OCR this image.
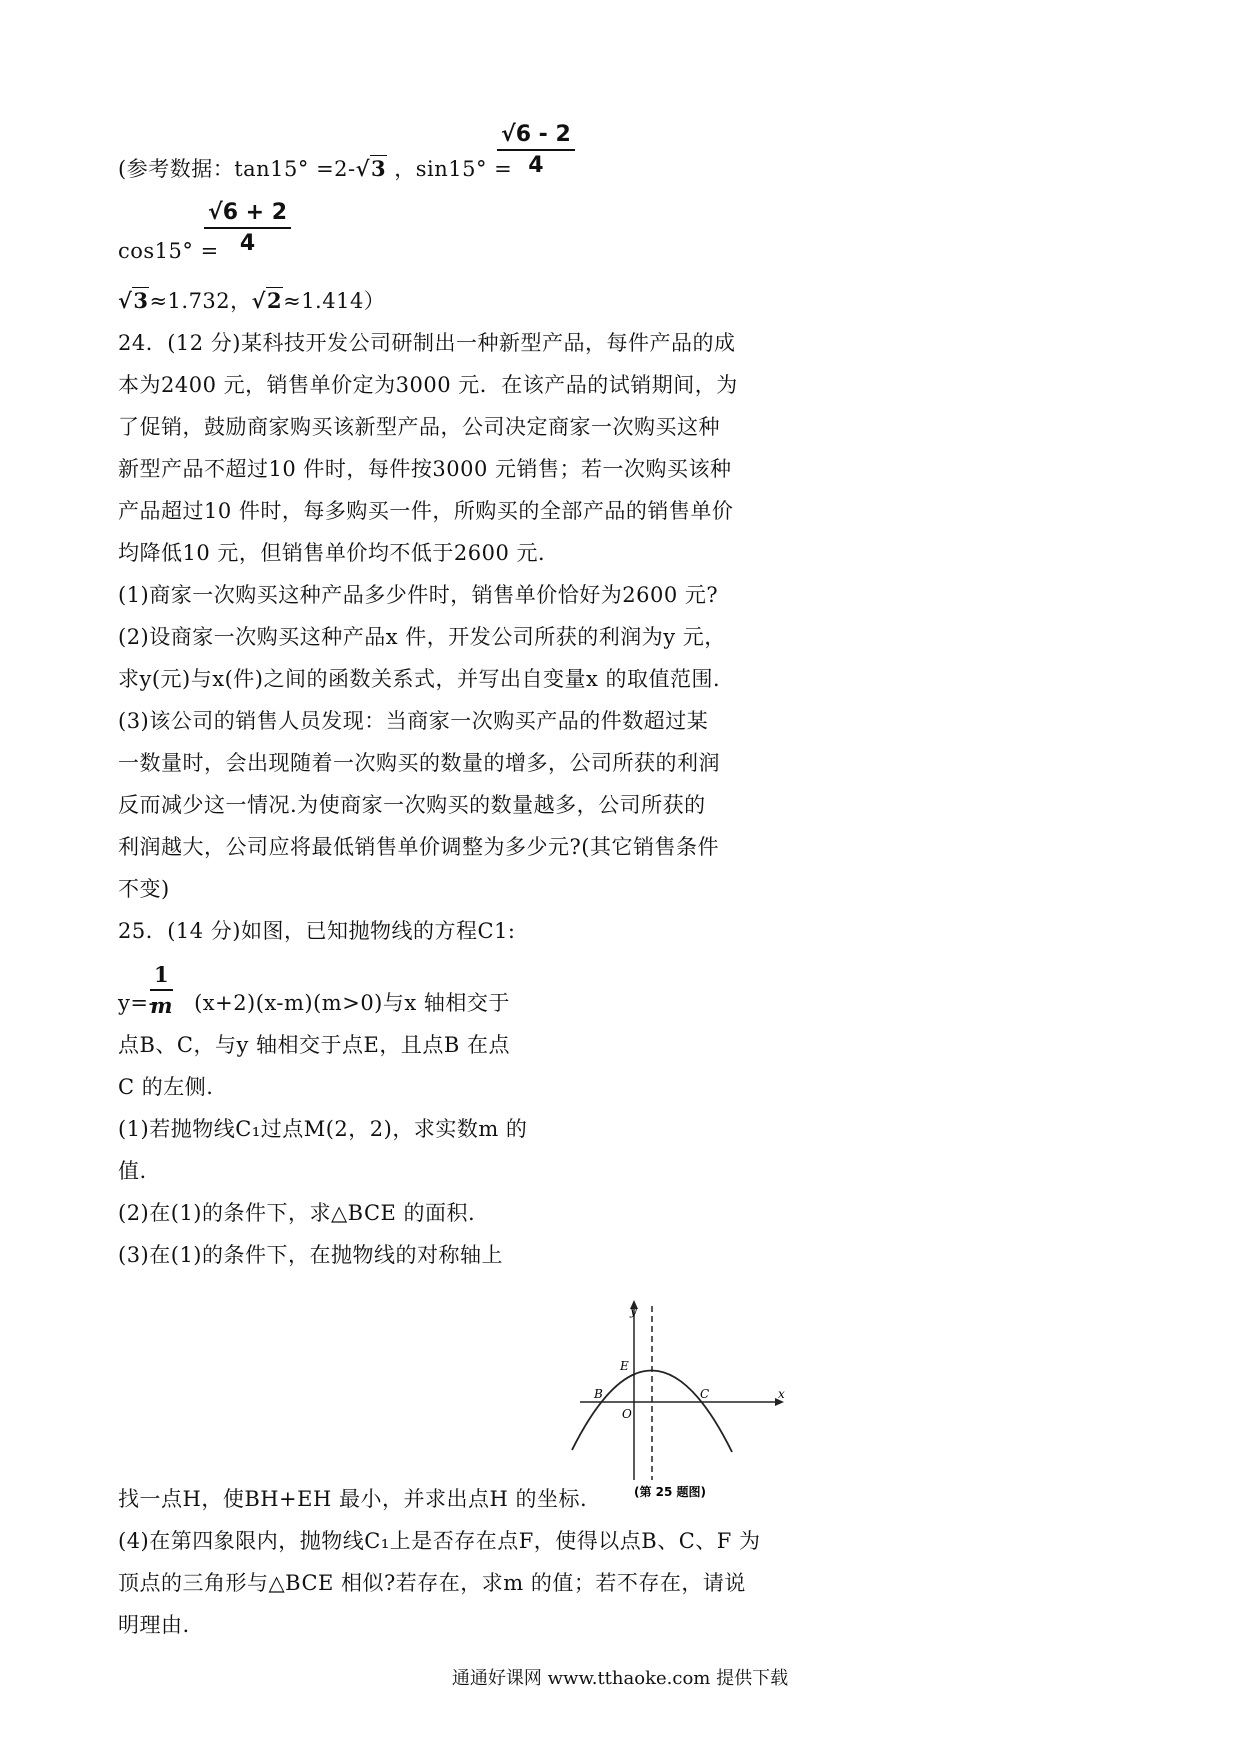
(参考数据：tan15° =2-√3 ，sin15° =
$\frac{√6 - 2}{4}$
cos15° =
$\frac{√6 + 2}{4}$
√3≈1.732，√2≈1.414）
24．(12 分)某科技开发公司研制出一种新型产品，每件产品的成
本为2400 元，销售单价定为3000 元．在该产品的试销期间，为
了促销，鼓励商家购买该新型产品，公司决定商家一次购买这种
新型产品不超过10 件时，每件按3000 元销售；若一次购买该种
产品超过10 件时，每多购买一件，所购买的全部产品的销售单价
均降低10 元，但销售单价均不低于2600 元．
(1)商家一次购买这种产品多少件时，销售单价恰好为2600 元?
(2)设商家一次购买这种产品x 件，开发公司所获的利润为y 元，
求y(元)与x(件)之间的函数关系式，并写出自变量x 的取值范围．
(3)该公司的销售人员发现：当商家一次购买产品的件数超过某
一数量时，会出现随着一次购买的数量的增多，公司所获的利润
反而减少这一情况.为使商家一次购买的数量越多，公司所获的
利润越大，公司应将最低销售单价调整为多少元?(其它销售条件
不变)
25．(14 分)如图，已知抛物线的方程C1:
$\frac{1}{m}$
y=- (x+2)(x-m)(m>0)与x 轴相交于
点B、C，与y 轴相交于点E，且点B 在点
C 的左侧.
(1)若抛物线C₁过点M(2，2)，求实数m 的
值.
(2)在(1)的条件下，求△BCE 的面积.
(3)在(1)的条件下，在抛物线的对称轴上
y
x
E
B	C
O
(第 25 题图)
找一点H，使BH+EH 最小，并求出点H 的坐标.
(4)在第四象限内，抛物线C₁上是否存在点F，使得以点B、C、F 为
顶点的三角形与△BCE 相似?若存在，求m 的值；若不存在，请说
明理由.
通通好课网 www.tthaoke.com 提供下载
